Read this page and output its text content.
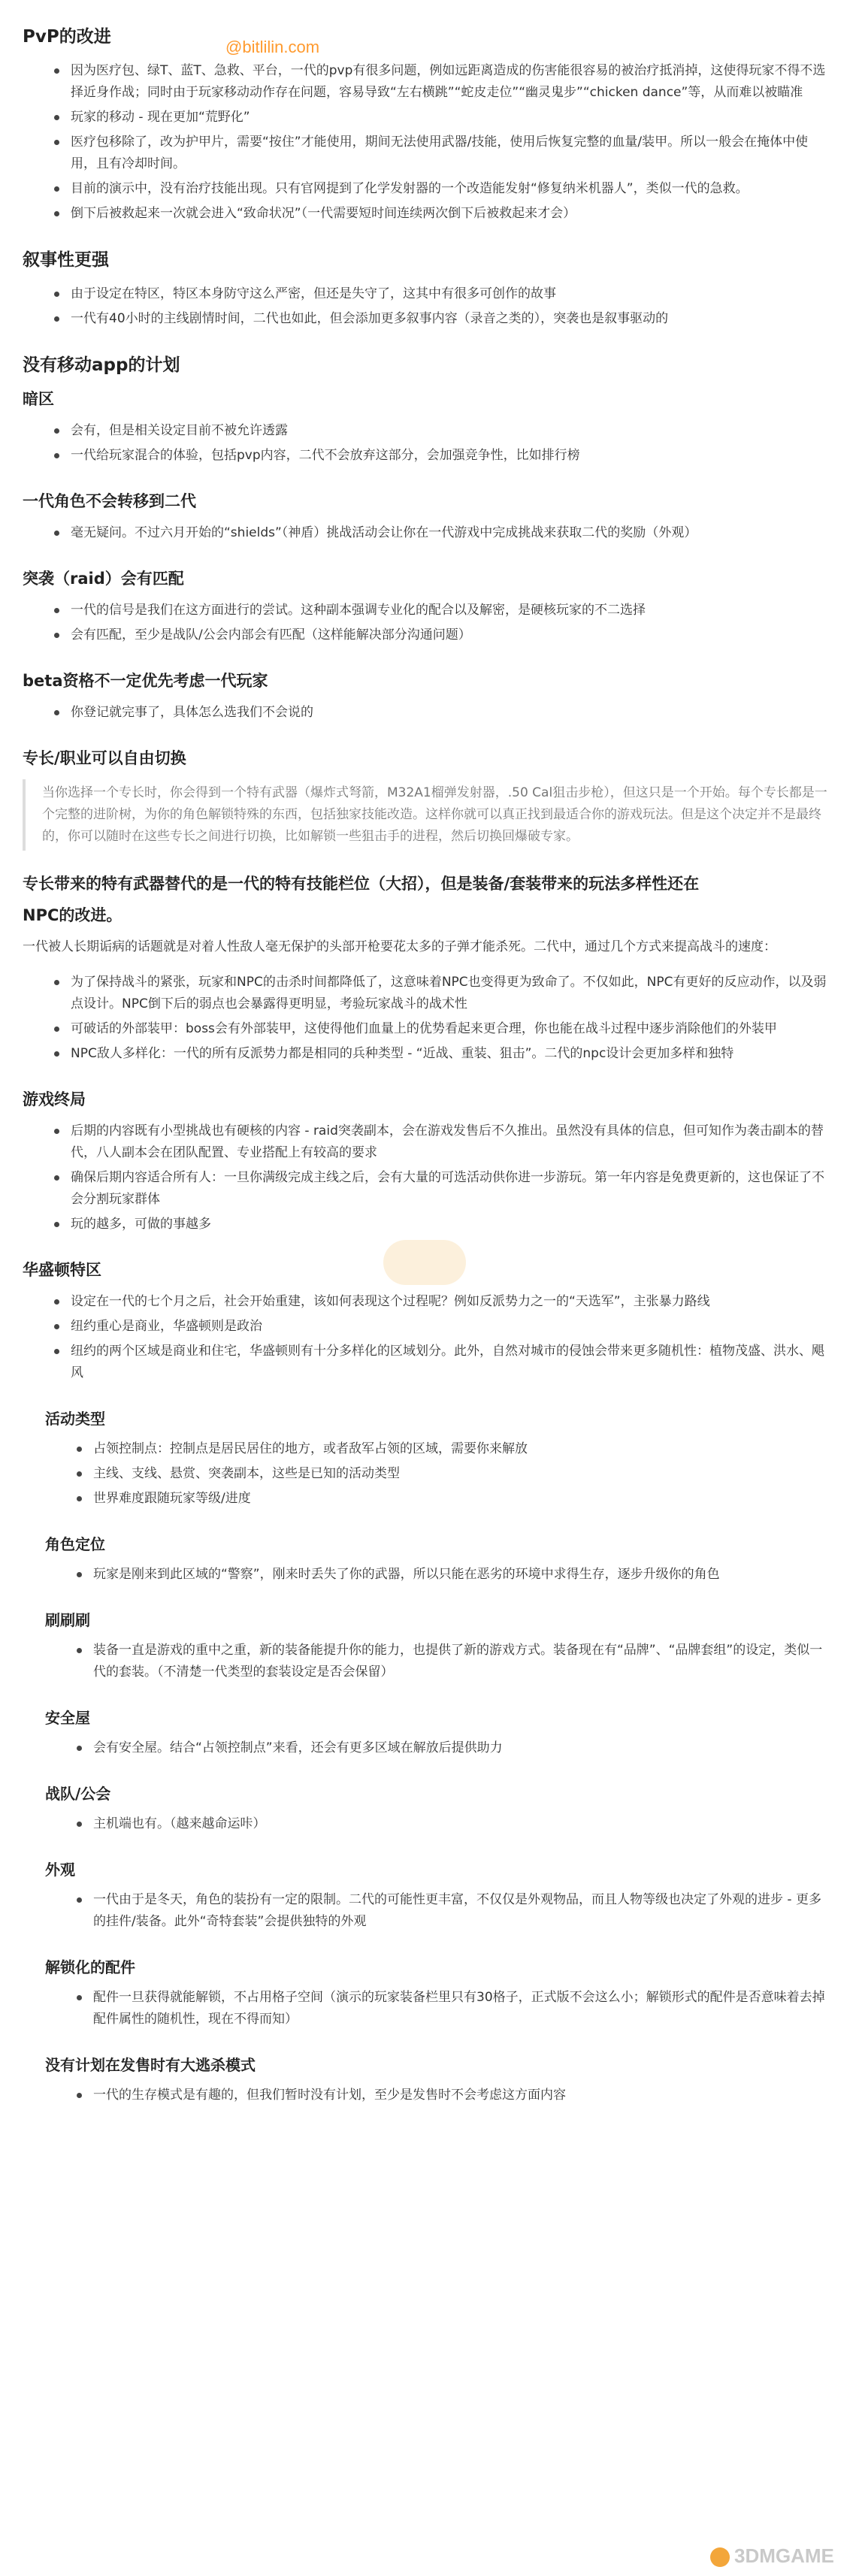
@bitlilin.com
PvP的改进
因为医疗包、绿T、蓝T、急救、平台，一代的pvp有很多问题，例如远距离造成的伤害能很容易的被治疗抵消掉，这使得玩家不得不选择近身作战；同时由于玩家移动动作存在问题，容易导致“左右横跳”“蛇皮走位”“幽灵鬼步”“chicken dance”等，从而难以被瞄准
玩家的移动 - 现在更加“荒野化”
医疗包移除了，改为护甲片，需要“按住”才能使用，期间无法使用武器/技能，使用后恢复完整的血量/装甲。所以一般会在掩体中使用，且有冷却时间。
目前的演示中，没有治疗技能出现。只有官网提到了化学发射器的一个改造能发射“修复纳米机器人”，类似一代的急救。
倒下后被救起来一次就会进入“致命状况”（一代需要短时间连续两次倒下后被救起来才会）
叙事性更强
由于设定在特区，特区本身防守这么严密，但还是失守了，这其中有很多可创作的故事
一代有40小时的主线剧情时间，二代也如此，但会添加更多叙事内容（录音之类的），突袭也是叙事驱动的
没有移动app的计划
暗区
会有，但是相关设定目前不被允许透露
一代给玩家混合的体验，包括pvp内容，二代不会放弃这部分，会加强竞争性，比如排行榜
一代角色不会转移到二代
毫无疑问。不过六月开始的“shields”（神盾）挑战活动会让你在一代游戏中完成挑战来获取二代的奖励（外观）
突袭（raid）会有匹配
一代的信号是我们在这方面进行的尝试。这种副本强调专业化的配合以及解密，是硬核玩家的不二选择
会有匹配，至少是战队/公会内部会有匹配（这样能解决部分沟通问题）
beta资格不一定优先考虑一代玩家
你登记就完事了，具体怎么选我们不会说的
专长/职业可以自由切换
当你选择一个专长时，你会得到一个特有武器（爆炸式弩箭，M32A1榴弹发射器，.50 Cal狙击步枪），但这只是一个开始。每个专长都是一个完整的进阶树，为你的角色解锁特殊的东西，包括独家技能改造。这样你就可以真正找到最适合你的游戏玩法。但是这个决定并不是最终的，你可以随时在这些专长之间进行切换，比如解锁一些狙击手的进程，然后切换回爆破专家。
专长带来的特有武器替代的是一代的特有技能栏位（大招），但是装备/套装带来的玩法多样性还在
NPC的改进。

一代被人长期诟病的话题就是对着人性敌人毫无保护的头部开枪要花太多的子弹才能杀死。二代中，通过几个方式来提高战斗的速度：

为了保持战斗的紧张，玩家和NPC的击杀时间都降低了，这意味着NPC也变得更为致命了。不仅如此，NPC有更好的反应动作，以及弱点设计。NPC倒下后的弱点也会暴露得更明显，考验玩家战斗的战术性
可破话的外部装甲：boss会有外部装甲，这使得他们血量上的优势看起来更合理，你也能在战斗过程中逐步消除他们的外装甲
NPC敌人多样化：一代的所有反派势力都是相同的兵种类型 - “近战、重装、狙击”。二代的npc设计会更加多样和独特
游戏终局
后期的内容既有小型挑战也有硬核的内容 - raid突袭副本，会在游戏发售后不久推出。虽然没有具体的信息，但可知作为袭击副本的替代，八人副本会在团队配置、专业搭配上有较高的要求
确保后期内容适合所有人：一旦你满级完成主线之后，会有大量的可选活动供你进一步游玩。第一年内容是免费更新的，这也保证了不会分割玩家群体
玩的越多，可做的事越多
华盛顿特区
设定在一代的七个月之后，社会开始重建，该如何表现这个过程呢？例如反派势力之一的“天选军”，主张暴力路线
纽约重心是商业，华盛顿则是政治
纽约的两个区域是商业和住宅，华盛顿则有十分多样化的区域划分。此外，自然对城市的侵蚀会带来更多随机性：植物茂盛、洪水、飓风
活动类型
占领控制点：控制点是居民居住的地方，或者敌军占领的区域，需要你来解放
主线、支线、悬赏、突袭副本，这些是已知的活动类型
世界难度跟随玩家等级/进度
角色定位
玩家是刚来到此区域的“警察”，刚来时丢失了你的武器，所以只能在恶劣的环境中求得生存，逐步升级你的角色
刷刷刷
装备一直是游戏的重中之重，新的装备能提升你的能力，也提供了新的游戏方式。装备现在有“品牌”、“品牌套组”的设定，类似一代的套装。（不清楚一代类型的套装设定是否会保留）
安全屋
会有安全屋。结合“占领控制点”来看，还会有更多区域在解放后提供助力
战队/公会
主机端也有。（越来越命运咔）
外观
一代由于是冬天，角色的装扮有一定的限制。二代的可能性更丰富，不仅仅是外观物品，而且人物等级也决定了外观的进步 - 更多的挂件/装备。此外“奇特套装”会提供独特的外观
解锁化的配件
配件一旦获得就能解锁，不占用格子空间（演示的玩家装备栏里只有30格子，正式版不会这么小；解锁形式的配件是否意味着去掉配件属性的随机性，现在不得而知）
没有计划在发售时有大逃杀模式
一代的生存模式是有趣的，但我们暂时没有计划，至少是发售时不会考虑这方面内容
3DMGAME
